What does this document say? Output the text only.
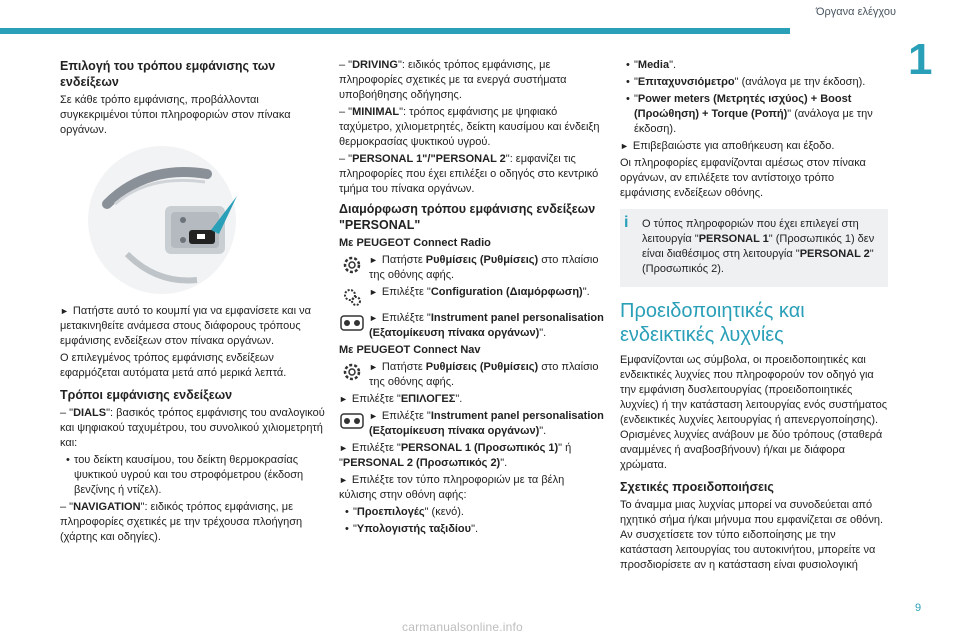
Όργανα ελέγχου
1
Επιλογή του τρόπου εμφάνισης των ενδείξεων

Σε κάθε τρόπο εμφάνισης, προβάλλονται συγκεκριμένοι τύποι πληροφοριών στον πίνακα οργάνων.

► Πατήστε αυτό το κουμπί για να εμφανίσετε και να μετακινηθείτε ανάμεσα στους διάφορους τρόπους εμφάνισης ενδείξεων στον πίνακα οργάνων.

Ο επιλεγμένος τρόπος εμφάνισης ενδείξεων εφαρμόζεται αυτόματα μετά από μερικά λεπτά.

Τρόποι εμφάνισης ενδείξεων

– "DIALS": βασικός τρόπος εμφάνισης του αναλογικού και ψηφιακού ταχυμέτρου, του συνολικού χιλιομετρητή και:

• του δείκτη καυσίμου, του δείκτη θερμοκρασίας ψυκτικού υγρού και του στροφόμετρου (έκδοση βενζίνης ή ντίζελ).

– "NAVIGATION": ειδικός τρόπος εμφάνισης, με πληροφορίες σχετικές με την τρέχουσα πλοήγηση (χάρτης και οδηγίες).

– "DRIVING": ειδικός τρόπος εμφάνισης, με πληροφορίες σχετικές με τα ενεργά συστήματα υποβοήθησης οδήγησης.

– "MINIMAL": τρόπος εμφάνισης με ψηφιακό ταχύμετρο, χιλιομετρητές, δείκτη καυσίμου και ένδειξη θερμοκρασίας ψυκτικού υγρού.

– "PERSONAL 1"/"PERSONAL 2": εμφανίζει τις πληροφορίες που έχει επιλέξει ο οδηγός στο κεντρικό τμήμα του πίνακα οργάνων.

Διαμόρφωση τρόπου εμφάνισης ενδείξεων "PERSONAL"

Με PEUGEOT Connect Radio

► Πατήστε Ρυθμίσεις (Ρυθμίσεις) στο πλαίσιο της οθόνης αφής.
► Επιλέξτε "Configuration (Διαμόρφωση)".
► Επιλέξτε "Instrument panel personalisation (Εξατομίκευση πίνακα οργάνων)".

Με PEUGEOT Connect Nav

► Πατήστε Ρυθμίσεις (Ρυθμίσεις) στο πλαίσιο της οθόνης αφής.

► Επιλέξτε "ΕΠΙΛΟΓΕΣ".

► Επιλέξτε "Instrument panel personalisation (Εξατομίκευση πίνακα οργάνων)".

► Επιλέξτε "PERSONAL 1 (Προσωπικός 1)" ή "PERSONAL 2 (Προσωπικός 2)".

► Επιλέξτε τον τύπο πληροφοριών με τα βέλη κύλισης στην οθόνη αφής:

• "Προεπιλογές" (κενό).

• "Υπολογιστής ταξιδίου".

• "Media".

• "Επιταχυνσιόμετρο" (ανάλογα με την έκδοση).

• "Power meters (Μετρητές ισχύος) + Boost (Προώθηση) + Torque (Ροπή)" (ανάλογα με την έκδοση).

► Επιβεβαιώστε για αποθήκευση και έξοδο.

Οι πληροφορίες εμφανίζονται αμέσως στον πίνακα οργάνων, αν επιλέξετε τον αντίστοιχο τρόπο εμφάνισης ενδείξεων οθόνης.

i	Ο τύπος πληροφοριών που έχει επιλεγεί στη λειτουργία "PERSONAL 1" (Προσωπικός 1) δεν είναι διαθέσιμος στη λειτουργία "PERSONAL 2" (Προσωπικός 2).

Προειδοποιητικές και ενδεικτικές λυχνίες

Εμφανίζονται ως σύμβολα, οι προειδοποιητικές και ενδεικτικές λυχνίες που πληροφορούν τον οδηγό για την εμφάνιση δυσλειτουργίας (προειδοποιητικές λυχνίες) ή την κατάσταση λειτουργίας ενός συστήματος (ενδεικτικές λυχνίες λειτουργίας ή απενεργοποίησης). Ορισμένες λυχνίες ανάβουν με δύο τρόπους (σταθερά αναμμένες ή αναβοσβήνουν) ή/και με διάφορα χρώματα.

Σχετικές προειδοποιήσεις

Το άναμμα μιας λυχνίας μπορεί να συνοδεύεται από ηχητικό σήμα ή/και μήνυμα που εμφανίζεται σε οθόνη. Αν συσχετίσετε τον τύπο ειδοποίησης με την κατάσταση λειτουργίας του αυτοκινήτου, μπορείτε να προσδιορίσετε αν η κατάσταση είναι φυσιολογική

9
carmanualsonline.info
